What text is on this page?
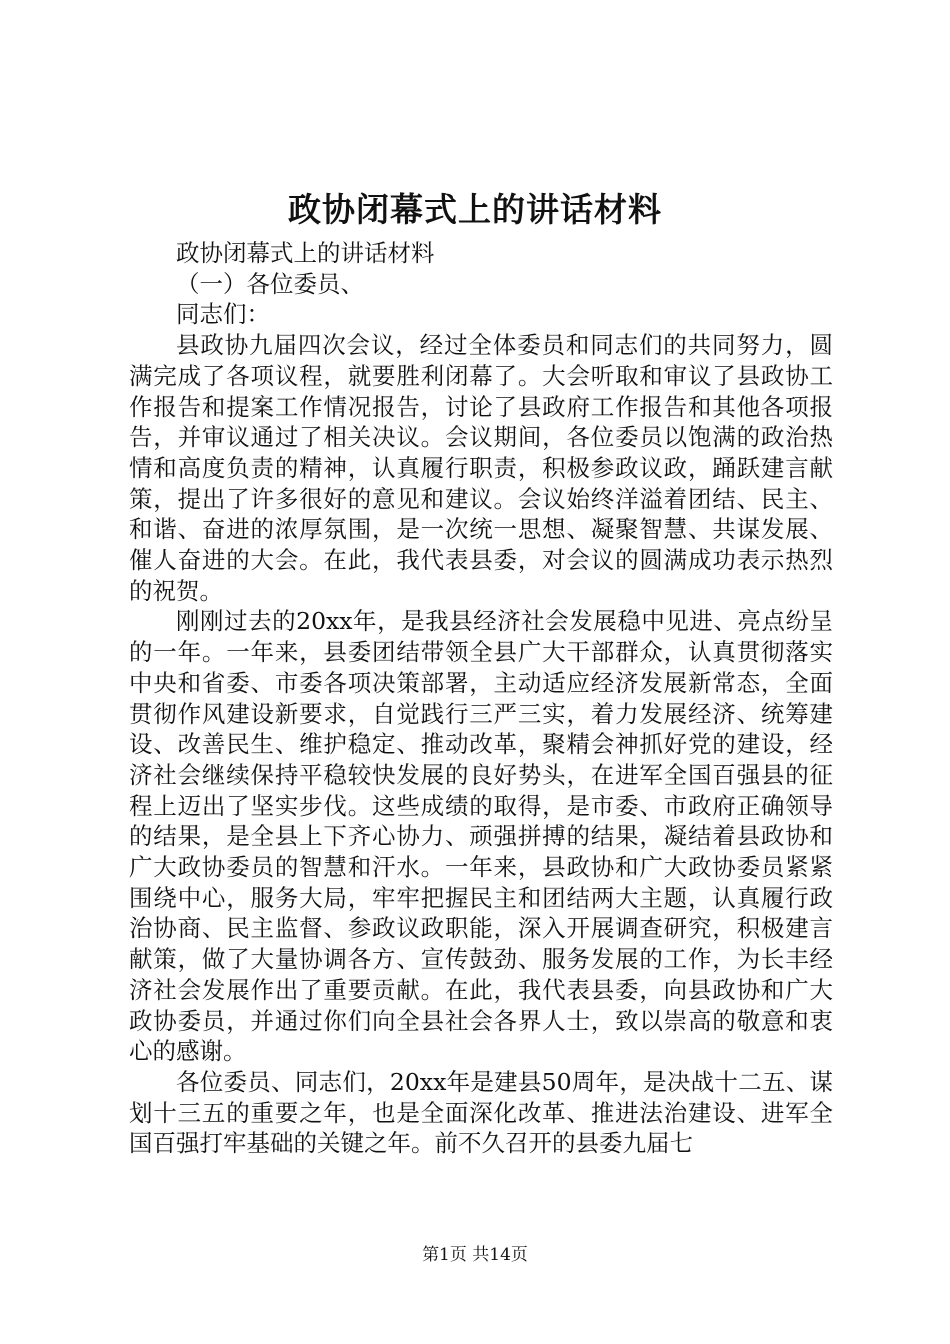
政协闭幕式上的讲话材料

政协闭幕式上的讲话材料

（一）各位委员、

同志们：

县政协九届四次会议，经过全体委员和同志们的共同努力，圆满完成了各项议程，就要胜利闭幕了。大会听取和审议了县政协工作报告和提案工作情况报告，讨论了县政府工作报告和其他各项报告，并审议通过了相关决议。会议期间，各位委员以饱满的政治热情和高度负责的精神，认真履行职责，积极参政议政，踊跃建言献策，提出了许多很好的意见和建议。会议始终洋溢着团结、民主、和谐、奋进的浓厚氛围，是一次统一思想、凝聚智慧、共谋发展、催人奋进的大会。在此，我代表县委，对会议的圆满成功表示热烈的祝贺。

刚刚过去的20xx年，是我县经济社会发展稳中见进、亮点纷呈的一年。一年来，县委团结带领全县广大干部群众，认真贯彻落实中央和省委、市委各项决策部署，主动适应经济发展新常态，全面贯彻作风建设新要求，自觉践行三严三实，着力发展经济、统筹建设、改善民生、维护稳定、推动改革，聚精会神抓好党的建设，经济社会继续保持平稳较快发展的良好势头，在进军全国百强县的征程上迈出了坚实步伐。这些成绩的取得，是市委、市政府正确领导的结果，是全县上下齐心协力、顽强拼搏的结果，凝结着县政协和广大政协委员的智慧和汗水。一年来，县政协和广大政协委员紧紧围绕中心，服务大局，牢牢把握民主和团结两大主题，认真履行政治协商、民主监督、参政议政职能，深入开展调查研究，积极建言献策，做了大量协调各方、宣传鼓劲、服务发展的工作，为长丰经济社会发展作出了重要贡献。在此，我代表县委，向县政协和广大政协委员，并通过你们向全县社会各界人士，致以崇高的敬意和衷心的感谢。

各位委员、同志们，20xx年是建县50周年，是决战十二五、谋划十三五的重要之年，也是全面深化改革、推进法治建设、进军全国百强打牢基础的关键之年。前不久召开的县委九届七

第1页 共14页
